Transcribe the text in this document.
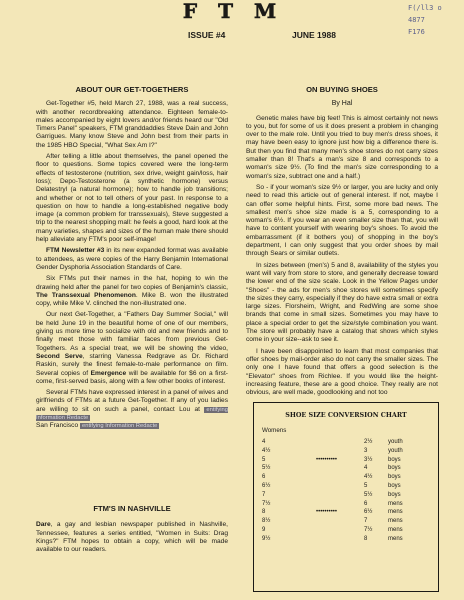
F T M	F(/ll3 o
4877
F176
ISSUE #4	JUNE 1988
ABOUT OUR GET-TOGETHERS

Get-Together #5, held March 27, 1988, was a real success, with another recordbreaking attendance. Eighteen female-to-males accompanied by eight lovers and/or friends heard our "Old Timers Panel" speakers, FTM granddaddies Steve Dain and John Garrigues. Many know Steve and John best from their parts in the 1985 HBO Special, "What Sex Am I?"

After telling a little about themselves, the panel opened the floor to questions. Some topics covered were the long-term effects of testosterone (nutrition, sex drive, weight gain/loss, hair loss); Depo-Testosterone (a synthetic hormone) versus Delatestryl (a natural hormone); how to handle job transitions; and whether or not to tell others of your past. In response to a question on how to handle a long-established negative body image (a common problem for transsexuals), Steve suggested a trip to the nearest shopping mall: he feels a good, hard look at the many varieties, shapes and sizes of the human male there should help alleviate any FTM's poor self-image!

FTM Newsletter #3 in its new expanded format was available to attendees, as were copies of the Harry Benjamin International Gender Dysphoria Association Standards of Care.

Six FTMs put their names in the hat, hoping to win the drawing held after the panel for two copies of Benjamin's classic, The Transsexual Phenomenon. Mike B. won the illustrated copy, while Mike V. clinched the non-illustrated one.

Our next Get-Together, a "Fathers Day Summer Social," will be held June 19 in the beautiful home of one of our members, giving us more time to socialize with old and new friends and to finally meet those with familiar faces from previous Get-Togethers. As a special treat, we will be showing the video, Second Serve, starring Vanessa Redgrave as Dr. Richard Raskin, surely the finest female-to-male performance on film. Several copies of Emergence will be available for $6 on a first-come, first-served basis, along with a few other books of interest.

Several FTMs have expressed interest in a panel of wives and girlfriends of FTMs at a future Get-Together. If any of you ladies are willing to sit on such a panel, contact Lou at entifying Information Redacte
San Francisco entifying Information Redacte

FTM'S IN NASHVILLE

Dare, a gay and lesbian newspaper published in Nashville, Tennessee, features a series entitled, "Women in Suits: Drag Kings?" FTM hopes to obtain a copy, which will be made available to our readers.

ON BUYING SHOES
By Hal

Genetic males have big feet! This is almost certainly not news to you, but for some of us it does present a problem in changing over to the male role. Until you tried to buy men's dress shoes, it may have been easy to ignore just how big a difference there is. But then you find that many men's shoe stores do not carry sizes smaller than 8! That's a man's size 8 and corresponds to a woman's size 9½. (To find the man's size corresponding to a woman's size, subtract one and a half.)

So - if your woman's size 9½ or larger, you are lucky and only need to read this article out of general interest. If not, maybe I can offer some helpful hints. First, some more bad news. The smallest men's shoe size made is a 5, corresponding to a woman's 6½. If you wear an even smaller size than that, you will have to content yourself with wearing boy's shoes. To avoid the embarrassment (if it bothers you) of shopping in the boy's department, I can only suggest that you order shoes by mail through Sears or similar outlets.

In sizes between (men's) 5 and 8, availability of the styles you want will vary from store to store, and generally decrease toward the lower end of the size scale. Look in the Yellow Pages under "Shoes" - the ads for men's shoe stores will sometimes specify the sizes they carry, especially if they do have extra small or extra large sizes. Florsheim, Wright, and RedWing are some shoe brands that come in small sizes. Sometimes you may have to place a special order to get the size/style combination you want. The store will probably have a catalog that shows which styles come in your size--ask to see it.

I have been disappointed to learn that most companies that offer shoes by mail-order also do not carry the smaller sizes. The only one I have found that offers a good selection is the "Elevator" shoes from Richlee. If you would like the height-increasing feature, these are a good choice. They really are not obvious, are well made, goodlooking and not too

SHOE SIZE CONVERSION CHART
Womens
4	2½	youth
4½	3	youth
5	••••••••••	3½	boys
5½	4	boys
6	4½	boys
6½	5	boys
7	5½	boys
7½	6	mens
8	••••••••••	6½	mens
8½	7	mens
9	7½	mens
9½	8	mens
